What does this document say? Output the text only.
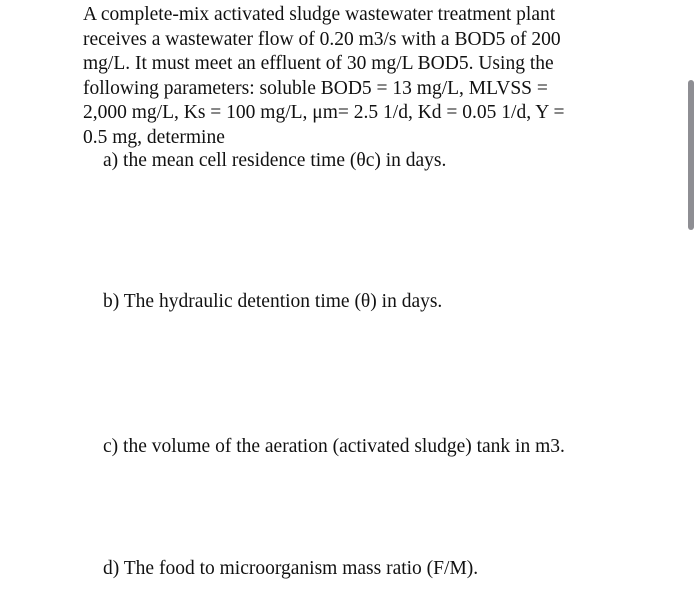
A complete-mix activated sludge wastewater treatment plant
receives a wastewater flow of 0.20 m3/s with a BOD5 of 200
mg/L. It must meet an effluent of 30 mg/L BOD5. Using the
following parameters: soluble BOD5 = 13 mg/L, MLVSS =
2,000 mg/L, Ks = 100 mg/L, μm= 2.5 1/d, Kd = 0.05 1/d, Y =
0.5 mg, determine
a) the mean cell residence time (θc) in days.
b) The hydraulic detention time (θ) in days.
c) the volume of the aeration (activated sludge) tank in m3.
d) The food to microorganism mass ratio (F/M).
